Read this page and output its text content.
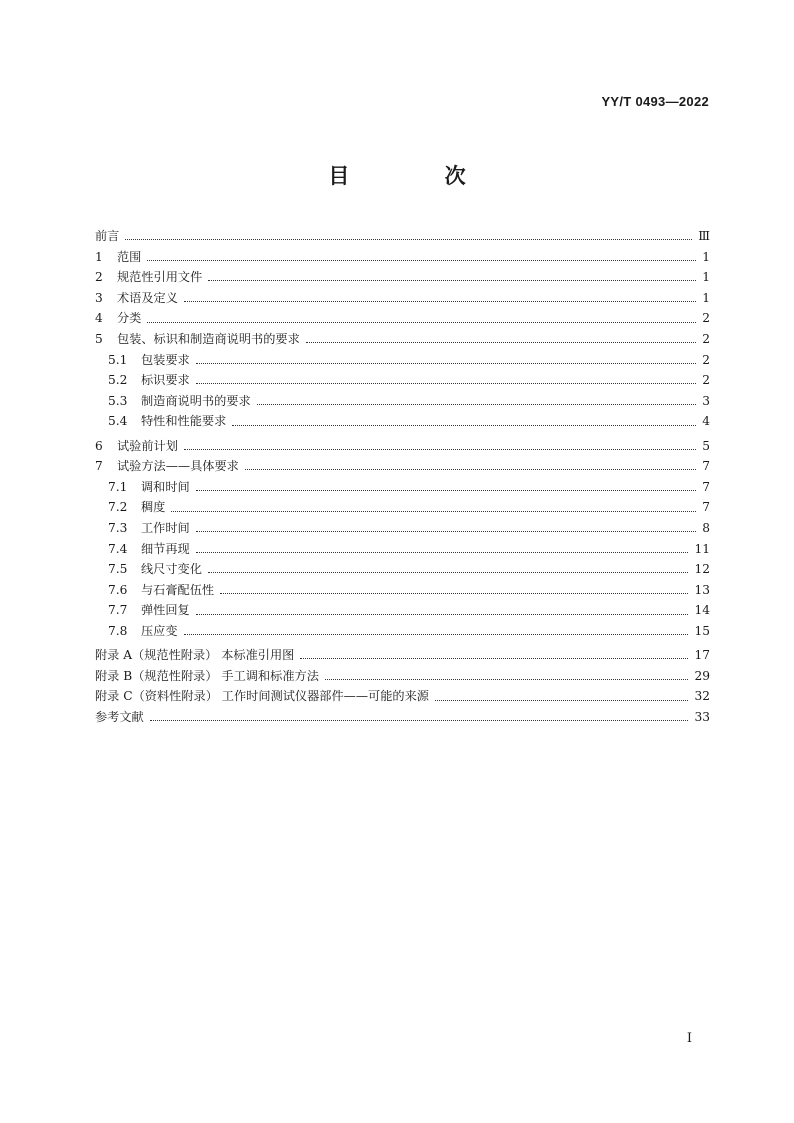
YY/T 0493—2022
目 次
前言	Ⅲ
1	范围	1
2	规范性引用文件	1
3	术语及定义	1
4	分类	2
5	包装、标识和制造商说明书的要求	2
5.1	包装要求	2
5.2	标识要求	2
5.3	制造商说明书的要求	3
5.4	特性和性能要求	4
6	试验前计划	5
7	试验方法——具体要求	7
7.1	调和时间	7
7.2	稠度	7
7.3	工作时间	8
7.4	细节再现	11
7.5	线尺寸变化	12
7.6	与石膏配伍性	13
7.7	弹性回复	14
7.8	压应变	15
附录 A（规范性附录） 本标准引用图	17
附录 B（规范性附录） 手工调和标准方法	29
附录 C（资料性附录） 工作时间测试仪器部件——可能的来源	32
参考文献	33
I
